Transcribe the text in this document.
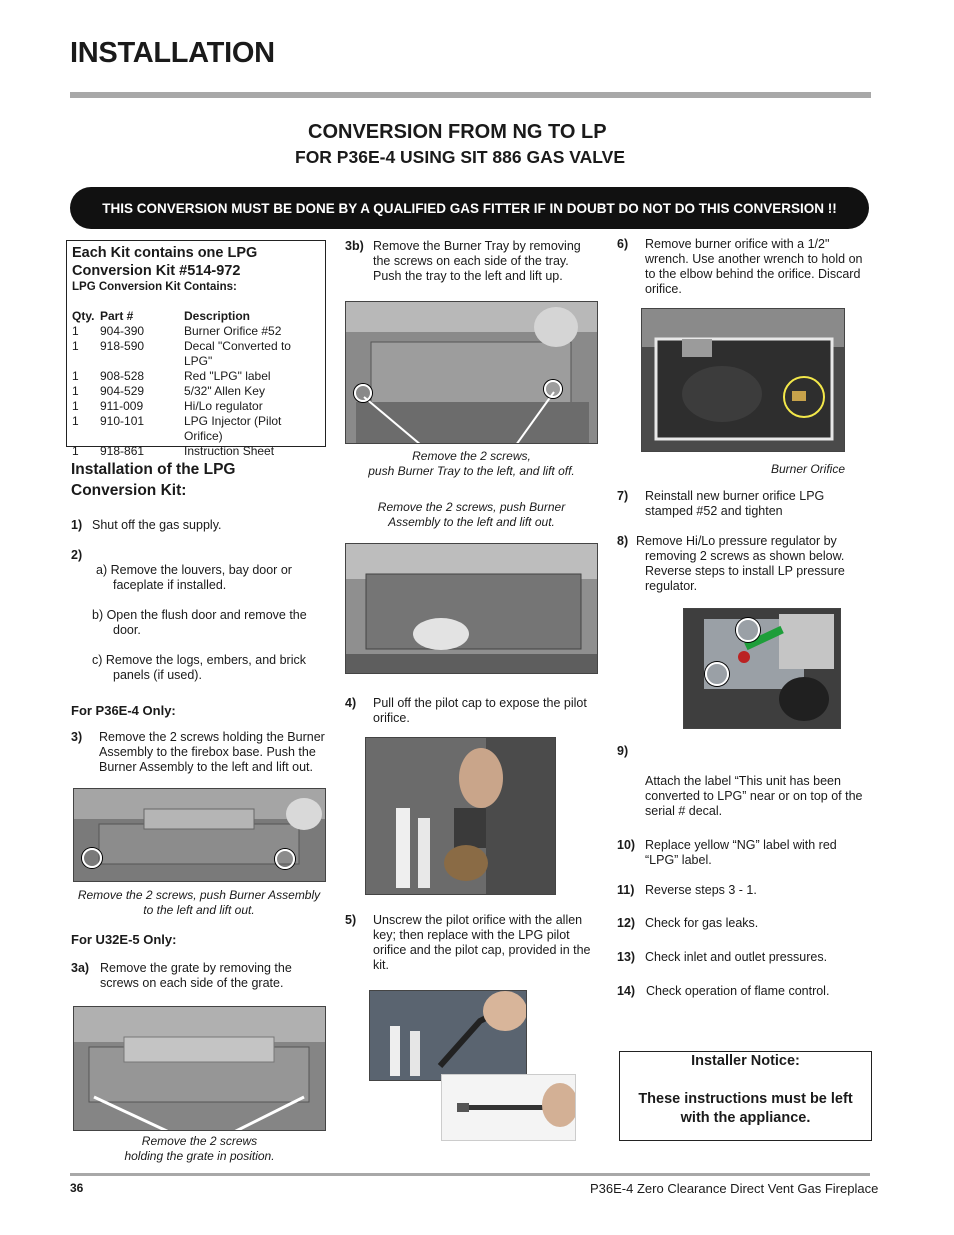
INSTALLATION
CONVERSION FROM NG TO LP
FOR P36E-4 USING SIT 886 GAS VALVE
THIS CONVERSION MUST BE DONE BY A QUALIFIED GAS FITTER IF IN DOUBT DO NOT DO THIS CONVERSION !!
Each Kit contains one LPG
Conversion Kit #514-972
LPG Conversion Kit Contains:
Qty. Part #	Description
1	904-390	Burner Orifice #52
1	918-590	Decal "Converted to
LPG"
1	908-528	Red "LPG" label
1	904-529	5/32" Allen Key
1	911-009	Hi/Lo regulator
1	910-101	LPG Injector (Pilot Orifice)
1	918-861	Instruction Sheet
Installation of the LPG
Conversion Kit:
1) Shut off the gas supply.
2)
a) Remove the louvers, bay door or
faceplate if installed.
b) Open the flush door and remove the
door.
c) Remove the logs, embers, and brick
panels (if used).
For P36E-4 Only:
3)	Remove the 2 screws holding the Burner
Assembly to the firebox base. Push the
Burner Assembly to the left and lift out.
Remove the 2 screws, push Burner Assembly
to the left and lift out.
For U32E-5 Only:
3a) Remove the grate by removing the
screws on each side of the grate.
Remove the 2 screws
holding the grate in position.
3b) Remove the Burner Tray by removing
the screws on each side of the tray.
Push the tray to the left and lift up.
Remove the 2 screws,
push Burner Tray to the left, and lift off.
Remove the 2 screws, push Burner
Assembly to the left and lift out.
4)	Pull off the pilot cap to expose the pilot
orifice.
5)	Unscrew the pilot orifice with the allen
key; then replace with the LPG pilot
orifice and the pilot cap, provided in the
kit.
6)	Remove burner orifice with a 1/2"
wrench. Use another wrench to hold on
to the elbow behind the orifice. Discard
orifice.
Burner Orifice
7)	Reinstall new burner orifice LPG
stamped #52 and tighten
8) Remove Hi/Lo pressure regulator by
removing 2 screws as shown below.
Reverse steps to install LP pressure
regulator.
9)
Attach the label “This unit has been
converted to LPG” near or on top of the
serial # decal.
10) Replace yellow “NG” label with red
“LPG” label.
11) Reverse steps 3 - 1.
12) Check for gas leaks.
13) Check inlet and outlet pressures.
14) Check operation of flame control.
Installer Notice:
These instructions must be left
with the appliance.
36	P36E-4 Zero Clearance Direct Vent Gas Fireplace
